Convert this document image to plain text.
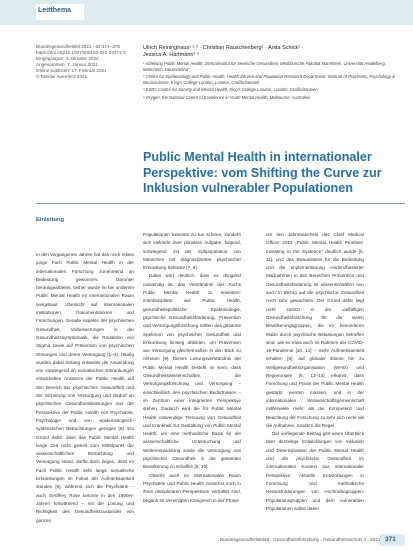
Leitthema
Bundesgesundheitsbl 2021 · 64:371–378
https://doi.org/10.1007/s00103-021-03271-0
Eingegangen: 4. Oktober 2020
Angenommen: 7. Januar 2021
Online publiziert: 17. Februar 2021
© Der/die Autor(en) 2021
Ulrich Reininghaus¹ ² ³ · Christian Rauschenberg¹ · Anita Schick¹ ·
Jessica A. Hartmann¹ ⁴
¹ Abteilung Public Mental Health, Zentralinstitut für Seelische Gesundheit, Medizinische Fakultät Mannheim, Universität Heidelberg, Mannheim, Deutschland
² Centre for Epidemiology and Public Health, Health Service and Population Research Department, Institute of Psychiatry, Psychology & Neuroscience, King's College London, London, Großbritannien
³ ESRC Centre for Society and Mental Health, King's College London, London, Großbritannien
⁴ Orygen, the National Centre of Excellence in Youth Mental Health, Melbourne, Australien
Public Mental Health in internationaler Perspektive: vom Shifting the Curve zur Inklusion vulnerabler Populationen
Einleitung

In den vergangenen Jahren hat das noch relativ junge Fach Public Mental Health in der internationalen Forschung zunehmend an Bedeutung gewonnen. Darunter herausgearbeitet, bisher wurde im bei anderem Public Mental Health im internationalen Raum ausgebaut. Übersicht auf internationalen Institutionen, Dokumentationen und Forschungen. Gerade Aspekte der psychischen Gesundheit, Verbesserungen in der Gesundheitssymptomatik, die Reduktion von Stigma sowie auf Prävention von psychischen Störungen und deren Versorgung [1–4]. Häufig wurden dabei bislang entweder die Anwendung von vorwiegend an somatischen Erkrankungen entwickelten Ansätzen der Public Health auf den Bereich der psychischen Gesundheit und der Sicherung von Versorgung und Bedarf an psychischen Gesundheitsleistungen aus der Perspektive der Public Health von Psychiatrie, Psychologie und von epidemiologisch-systemischen Betrachtungen gezogen [5]. Ein Grund dafür, dass das Public Mental Health lange Zeit nicht gezielt zum Mittelpunkt der wissenschaftlichen Betrachtung und Versorgung stand, dürfte darin liegen, dass im Fach Public Health sehr lange somatische Erkrankungen im Fokus der Aufmerksamkeit standen [6], während sich die Psychiatrie – auch Geoffrey Rose betonte in den 1990er-Jahren fortwährend – mit der Lösung und Richtigkeit des Gesundheitszustandes von ganzen

Populationen bewusst zu tun scheue, sondern sich vielmehr ihrer primären Aufgabe, folgend, vorwiegend mit der Subpopulation von Menschen mit diagnostizierter psychischer Erkrankung befasste [7, 8].

Dabei wird deutlich, dass es dringend notwendig ist, das Verständnis des Fachs Public Mental Health zu erweitern: interdisziplinär wie Public Health, gesundheitspolitische Epidemiologie, psychische Gesundheitsförderung, Prävention und Versorgungsforschung sollten das gesamte Spektrum von psychischer Gesundheit und Erkrankung hinweg abbilden, um Prävention wie Versorgung gleichermaßen in den Blick zu nehmen [9]. Dieses Leitungsverständnis der Public Mental Health besteht im Kern, dass Gesundheitswissenschaften, die Versorgungsforschung und Versorgung – einschließlich den psychischen Bedürfnissen – im Zentrum einer integrierten Perspektive stehen. Dadurch wird die für Public Mental Health notwendige Trennung von Gesundheit und Krankheit zur Gestaltung von Public Mental Health, um eine methodische Basis für die wissenschaftliche Untersuchung und Weiterentwicklung sowie die Versorgung von psychischer Gesundheit in der gesamten Bevölkerung zu schaffen [5, 10].

Obwohl auch im internationalen Raum Psychiatrie und Public Health zunächst noch in ihren disziplinären Perspektiven verhaftet sind, begann im Vereinigten Königreich in der Phase

um den Jahreswechsel des Chief Medical Officer 2013 „Public Mental Health Priorities: Investing in the Evidence“ deutlich wurde [5, 11], und das Bewusstsein für die Bedeutung und die Implementierung evidenzbasierter Maßnahmen in den Bereichen Prävention und Gesundheitsförderung ist wissenschaftlich nun auch in Bezug auf die psychische Gesundheit noch sehr gewachsen. Der Grund dafür liegt nicht zuletzt in der vielfältigen Gesundheitsforschung für die vielen Bevölkerungsgruppen, die im besonderen Maße durch psychische Belastungen betroffen sind, wie es etwa auch im Rahmen der COVID-19-Pandemie [10, 11] – mehr Aufmerksamkeit erhalten [6], auf globaler Ebene hin zu Weltgesundheitsorganisation (WHO) und Regierungen [8, 12–14] erkannt, dass Forschung und Praxis der Public Mental Health gestärkt werden müssen, und in der internationalen Wissenschaftsgemeinschaft mittlerweile mehr als die Kompetenz und Beachtung der Forschung zu sehr sich mehr als die Aufnahme, sondern die Regel.

Der vorliegende Beitrag gibt einen Überblick über derzeitige Entwicklungen von Inklusion und Determinanten der Public Mental Health und die psychische Gesundheit im internationalen Kontext aus internationaler Perspektive. Aktuelle Entwicklungen in Forschung und methodische Herausforderungen von Hochrisikogruppen, Populationsgruppen und dem vulnerablen Populationen sollen dabei

Bundesgesundheitsblatt - Gesundheitsforschung - Gesundheitsschutz 4 · 2021 371
